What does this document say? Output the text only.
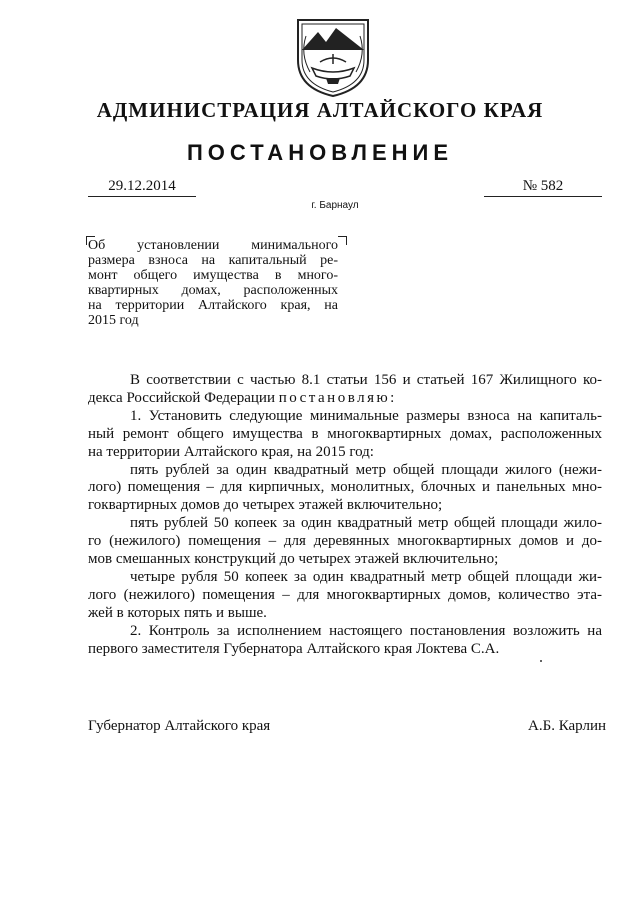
АДМИНИСТРАЦИЯ АЛТАЙСКОГО КРАЯ
ПОСТАНОВЛЕНИЕ
29.12.2014	№ 582
г. Барнаул
Об установлении минимального
размера взноса на капитальный ре-
монт общего имущества в много-
квартирных домах, расположенных
на территории Алтайского края, на
2015 год
В соответствии с частью 8.1 статьи 156 и статьей 167 Жилищного ко-
декса Российской Федерации постановляю:
1. Установить следующие минимальные размеры взноса на капиталь-
ный ремонт общего имущества в многоквартирных домах, расположенных
на территории Алтайского края, на 2015 год:
пять рублей за один квадратный метр общей площади жилого (нежи-
лого) помещения – для кирпичных, монолитных, блочных и панельных мно-
гоквартирных домов до четырех этажей включительно;
пять рублей 50 копеек за один квадратный метр общей площади жило-
го (нежилого) помещения – для деревянных многоквартирных домов и до-
мов смешанных конструкций до четырех этажей включительно;
четыре рубля 50 копеек за один квадратный метр общей площади жи-
лого (нежилого) помещения – для многоквартирных домов, количество эта-
жей в которых пять и выше.
2. Контроль за исполнением настоящего постановления возложить на
первого заместителя Губернатора Алтайского края Локтева С.А.
Губернатор Алтайского края	А.Б. Карлин
